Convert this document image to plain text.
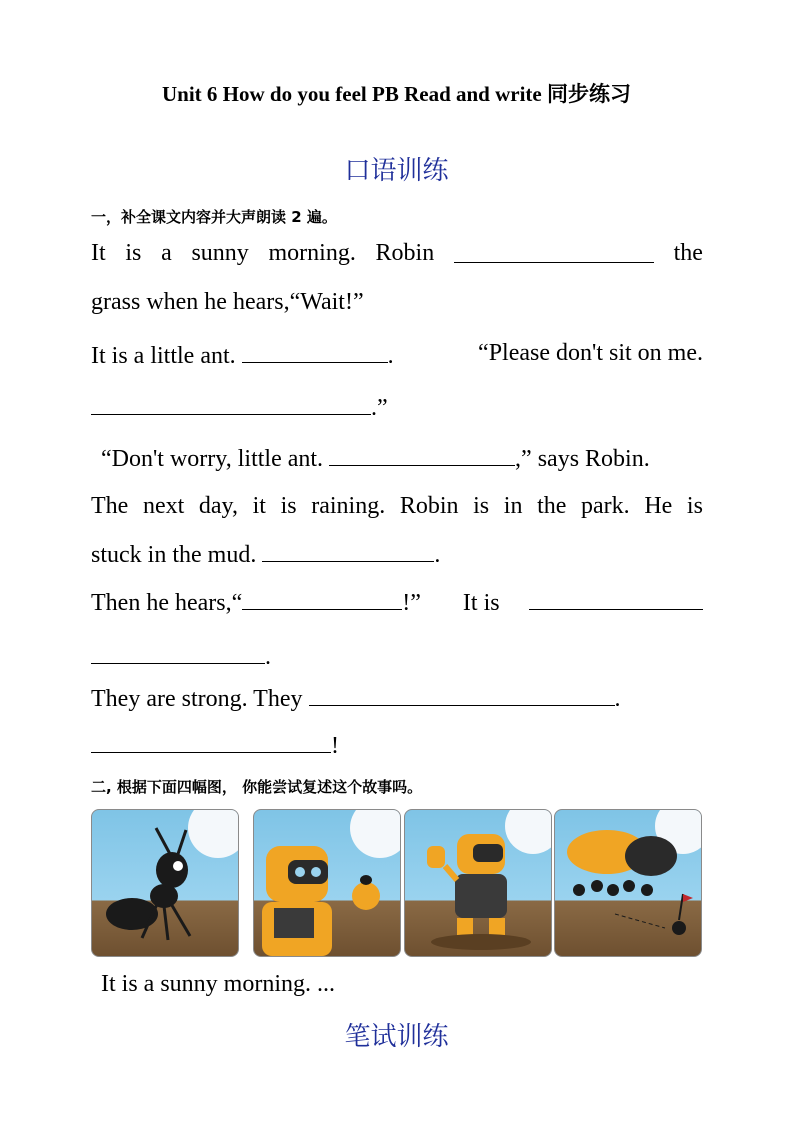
Unit 6 How do you feel PB Read and write 同步练习
口语训练
一，补全课文内容并大声朗读 2 遍。
It is a sunny morning. Robin	the
grass when he hears,“Wait!”
It is a little ant.	.	“Please don't sit on me.
.”
“Don't worry, little ant.	,” says Robin.
The next day, it is raining. Robin is in the park. He is
stuck in the mud.	.
Then he hears,“	!” It is
.
They are strong. They	.
!
二, 根据下面四幅图， 你能尝试复述这个故事吗。
It is a sunny morning. ...
笔试训练
